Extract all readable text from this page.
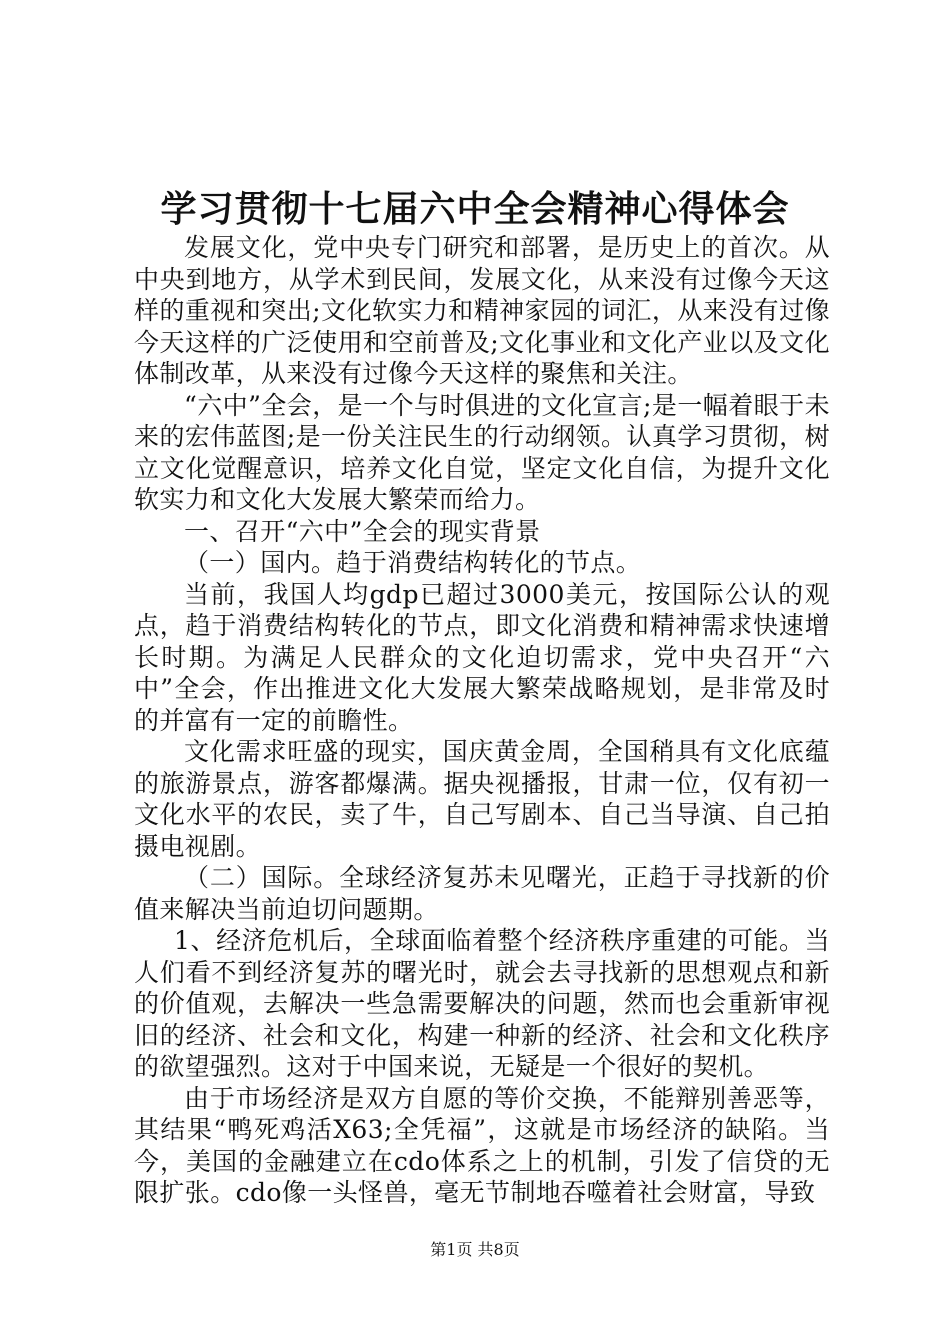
学习贯彻十七届六中全会精神心得体会

发展文化，党中央专门研究和部署，是历史上的首次。从中央到地方，从学术到民间，发展文化，从来没有过像今天这样的重视和突出;文化软实力和精神家园的词汇，从来没有过像今天这样的广泛使用和空前普及;文化事业和文化产业以及文化体制改革，从来没有过像今天这样的聚焦和关注。

“六中”全会，是一个与时俱进的文化宣言;是一幅着眼于未来的宏伟蓝图;是一份关注民生的行动纲领。认真学习贯彻，树立文化觉醒意识，培养文化自觉，坚定文化自信，为提升文化软实力和文化大发展大繁荣而给力。

一、召开“六中”全会的现实背景

（一）国内。趋于消费结构转化的节点。

当前，我国人均gdp已超过3000美元，按国际公认的观点，趋于消费结构转化的节点，即文化消费和精神需求快速增长时期。为满足人民群众的文化迫切需求，党中央召开“六中”全会，作出推进文化大发展大繁荣战略规划，是非常及时的并富有一定的前瞻性。

文化需求旺盛的现实，国庆黄金周，全国稍具有文化底蕴的旅游景点，游客都爆满。据央视播报，甘肃一位，仅有初一文化水平的农民，卖了牛，自己写剧本、自己当导演、自己拍摄电视剧。

（二）国际。全球经济复苏未见曙光，正趋于寻找新的价值来解决当前迫切问题期。

1、经济危机后，全球面临着整个经济秩序重建的可能。当人们看不到经济复苏的曙光时，就会去寻找新的思想观点和新的价值观，去解决一些急需要解决的问题，然而也会重新审视旧的经济、社会和文化，构建一种新的经济、社会和文化秩序的欲望强烈。这对于中国来说，无疑是一个很好的契机。

由于市场经济是双方自愿的等价交换，不能辩别善恶等，其结果“鸭死鸡活X63;全凭福”，这就是市场经济的缺陷。当今，美国的金融建立在cdo体系之上的机制，引发了信贷的无限扩张。cdo像一头怪兽，毫无节制地吞噬着社会财富，导致

第1页 共8页
